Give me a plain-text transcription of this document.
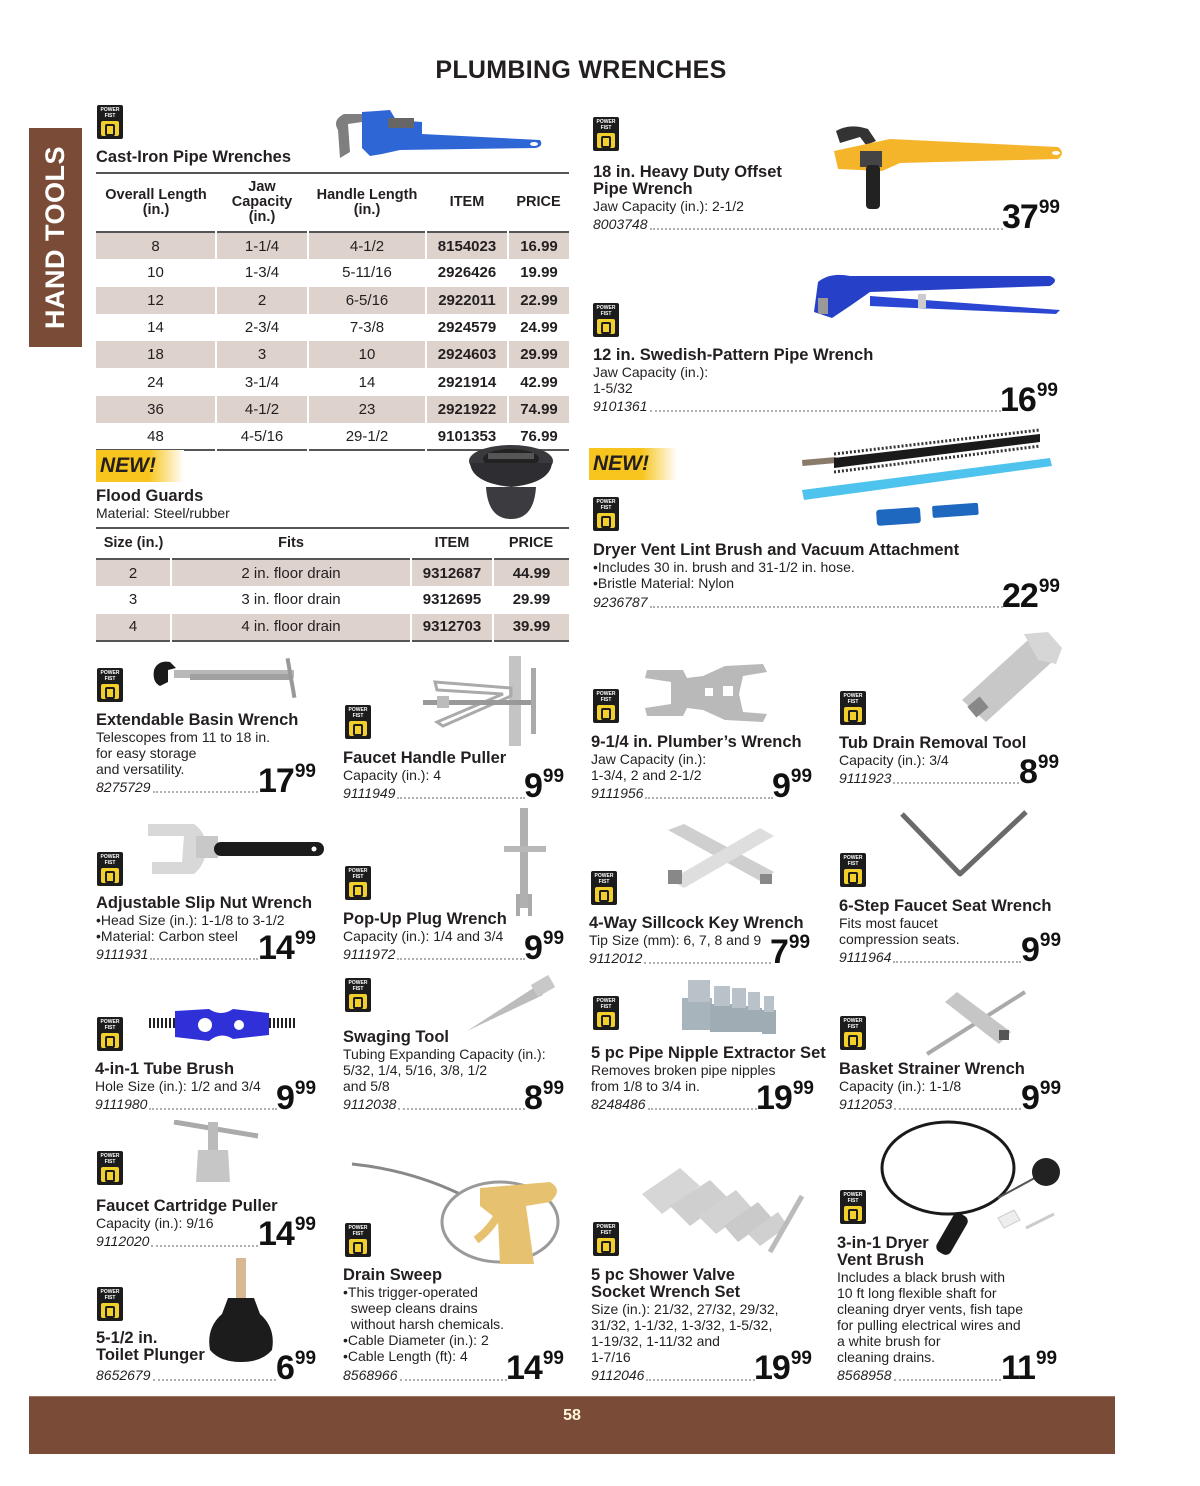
PLUMBING WRENCHES
HAND TOOLS
POWER FIST
Cast-Iron Pipe Wrenches
Overall Length
(in.)	Jaw Capacity
(in.)	Handle Length
(in.)	ITEM	PRICE
8	1-1/4	4-1/2	8154023	16.99
10	1-3/4	5-11/16	2926426	19.99
12	2	6-5/16	2922011	22.99
14	2-3/4	7-3/8	2924579	24.99
18	3	10	2924603	29.99
24	3-1/4	14	2921914	42.99
36	4-1/2	23	2921922	74.99
48	4-5/16	29-1/2	9101353	76.99
NEW!
Flood Guards
Material: Steel/rubber
Size (in.)	Fits	ITEM	PRICE
2	2 in. floor drain	9312687	44.99
3	3 in. floor drain	9312695	29.99
4	4 in. floor drain	9312703	39.99
POWER FIST
18 in. Heavy Duty Offset
Pipe Wrench
Jaw Capacity (in.): 2-1/2
8003748	37 99
POWER FIST
12 in. Swedish-Pattern Pipe Wrench
Jaw Capacity (in.):
1-5/32
9101361	16 99
NEW!
POWER FIST
Dryer Vent Lint Brush and Vacuum Attachment
•Includes 30 in. brush and 31-1/2 in. hose.
•Bristle Material: Nylon
9236787	22 99
POWER FIST
Extendable Basin Wrench
Telescopes from 11 to 18 in.
for easy storage
and versatility.
8275729	17 99
POWER FIST
Faucet Handle Puller
Capacity (in.): 4
9111949	9 99
POWER FIST
9-1/4 in. Plumber’s Wrench
Jaw Capacity (in.):
1-3/4, 2 and 2-1/2
9111956	9 99
POWER FIST
Tub Drain Removal Tool
Capacity (in.): 3/4
9111923	8 99
POWER FIST
Adjustable Slip Nut Wrench
•Head Size (in.): 1-1/8 to 3-1/2
•Material: Carbon steel
9111931	14 99
POWER FIST
Pop-Up Plug Wrench
Capacity (in.): 1/4 and 3/4
9111972	9 99
POWER FIST
4-Way Sillcock Key Wrench
Tip Size (mm): 6, 7, 8 and 9
9112012	7 99
POWER FIST
6-Step Faucet Seat Wrench
Fits most faucet
compression seats.
9111964	9 99
POWER FIST
4-in-1 Tube Brush
Hole Size (in.): 1/2 and 3/4
9111980	9 99
POWER FIST
Swaging Tool
Tubing Expanding Capacity (in.):
5/32, 1/4, 5/16, 3/8, 1/2
and 5/8
9112038	8 99
POWER FIST
5 pc Pipe Nipple Extractor Set
Removes broken pipe nipples
from 1/8 to 3/4 in.
8248486	19 99
POWER FIST
Basket Strainer Wrench
Capacity (in.): 1-1/8
9112053	9 99
POWER FIST
Faucet Cartridge Puller
Capacity (in.): 9/16
9112020	14 99
POWER FIST
5-1/2 in.
Toilet Plunger
8652679	6 99
POWER FIST
Drain Sweep
•This trigger-operated
sweep cleans drains
without harsh chemicals.
•Cable Diameter (in.): 2
•Cable Length (ft): 4
8568966	14 99
POWER FIST
5 pc Shower Valve
Socket Wrench Set
Size (in.): 21/32, 27/32, 29/32,
31/32, 1-1/32, 1-3/32, 1-5/32,
1-19/32, 1-11/32 and
1-7/16
9112046	19 99
POWER FIST
3-in-1 Dryer
Vent Brush
Includes a black brush with
10 ft long flexible shaft for
cleaning dryer vents, fish tape
for pulling electrical wires and
a white brush for
cleaning drains.
8568958	11 99
58
